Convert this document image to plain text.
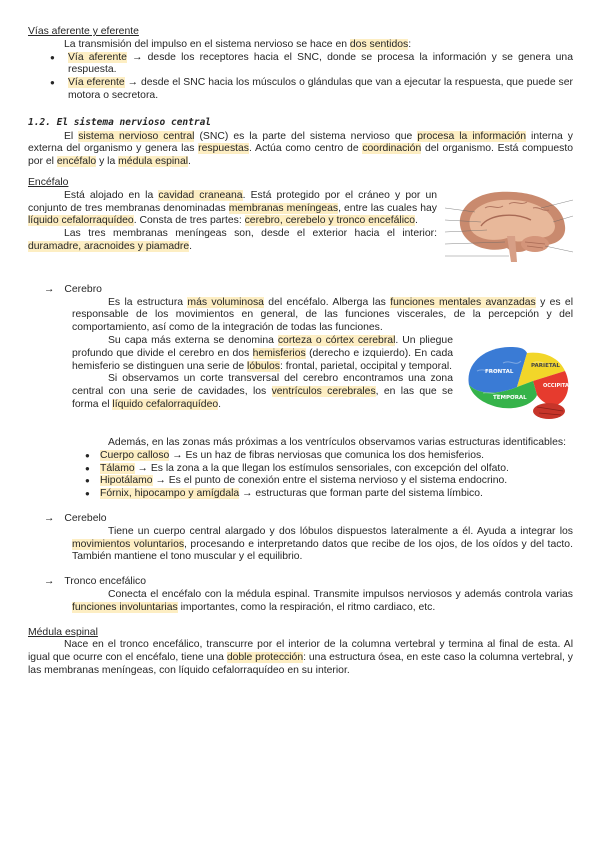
Vías aferente y eferente

La transmisión del impulso en el sistema nervioso se hace en dos sentidos:

● Vía aferente → desde los receptores hacia el SNC, donde se procesa la información y se genera una respuesta.
● Vía eferente → desde el SNC hacia los músculos o glándulas que van a ejecutar la respuesta, que puede ser motora o secretora.

1.2. El sistema nervioso central

El sistema nervioso central (SNC) es la parte del sistema nervioso que procesa la información interna y externa del organismo y genera las respuestas. Actúa como centro de coordinación del organismo. Está compuesto por el encéfalo y la médula espinal.

Encéfalo

Está alojado en la cavidad craneana. Está protegido por el cráneo y por un conjunto de tres membranas denominadas membranas meníngeas, entre las cuales hay líquido cefalorraquídeo. Consta de tres partes: cerebro, cerebelo y tronco encefálico.

Las tres membranas meníngeas son, desde el exterior hacia el interior: duramadre, aracnoides y piamadre.

→ Cerebro

Es la estructura más voluminosa del encéfalo. Alberga las funciones mentales avanzadas y es el responsable de los movimientos en general, de las funciones viscerales, de la percepción y del comportamiento, así como de la integración de todas las funciones.

FRONTAL
PARIETAL
OCCIPITAL
TEMPORAL

Su capa más externa se denomina corteza o córtex cerebral. Un pliegue profundo que divide el cerebro en dos hemisferios (derecho e izquierdo). En cada hemisferio se distinguen una serie de lóbulos: frontal, parietal, occipital y temporal.

Si observamos un corte transversal del cerebro encontramos una zona central con una serie de cavidades, los ventrículos cerebrales, en las que se forma el líquido cefalorraquídeo.

Además, en las zonas más próximas a los ventrículos observamos varias estructuras identificables:

● Cuerpo calloso → Es un haz de fibras nerviosas que comunica los dos hemisferios.
● Tálamo → Es la zona a la que llegan los estímulos sensoriales, con excepción del olfato.
● Hipotálamo → Es el punto de conexión entre el sistema nervioso y el sistema endocrino.
● Fórnix, hipocampo y amígdala → estructuras que forman parte del sistema límbico.

→ Cerebelo

Tiene un cuerpo central alargado y dos lóbulos dispuestos lateralmente a él. Ayuda a integrar los movimientos voluntarios, procesando e interpretando datos que recibe de los ojos, de los oídos y del tacto. También mantiene el tono muscular y el equilibrio.

→ Tronco encefálico

Conecta el encéfalo con la médula espinal. Transmite impulsos nerviosos y además controla varias funciones involuntarias importantes, como la respiración, el ritmo cardiaco, etc.

Médula espinal

Nace en el tronco encefálico, transcurre por el interior de la columna vertebral y termina al final de esta. Al igual que ocurre con el encéfalo, tiene una doble protección: una estructura ósea, en este caso la columna vertebral, y las membranas meníngeas, con líquido cefalorraquídeo en su interior.
